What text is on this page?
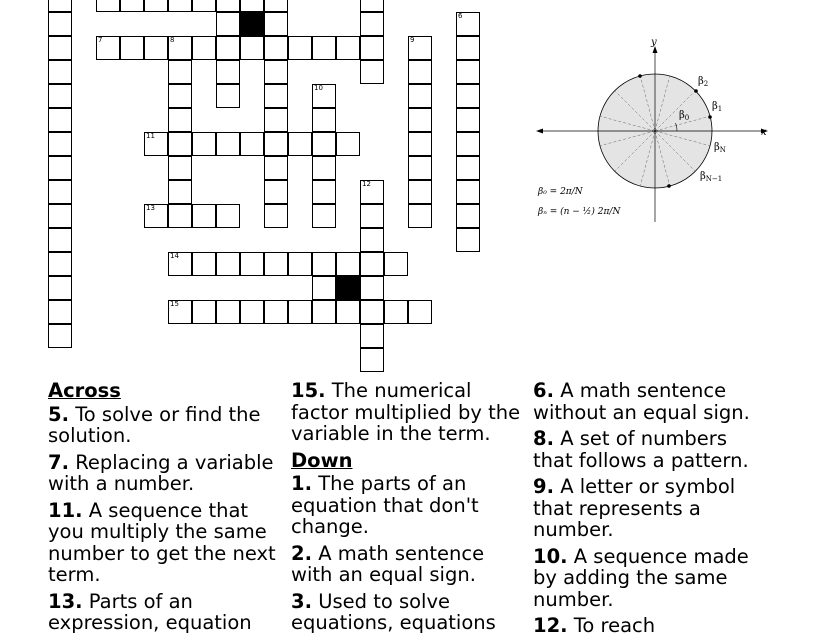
7	8	9
6
10
12
11
13
14
15
x
y
$\beta_2$
$\beta_1$
$\beta_0$
$\beta_N$
$\beta_{N-1}$
β₀ = 2π/N
βₙ = (n − ½) 2π/N
Across
5. To solve or find the solution.
7. Replacing a variable with a number.
11. A sequence that you multiply the same number to get the next term.
13. Parts of an expression, equation
15. The numerical factor multiplied by the variable in the term.
Down
1. The parts of an equation that don't change.
2. A math sentence with an equal sign.
3. Used to solve equations, equations
6. A math sentence without an equal sign.
8. A set of numbers that follows a pattern.
9. A letter or symbol that represents a number.
10. A sequence made by adding the same number.
12. To reach
